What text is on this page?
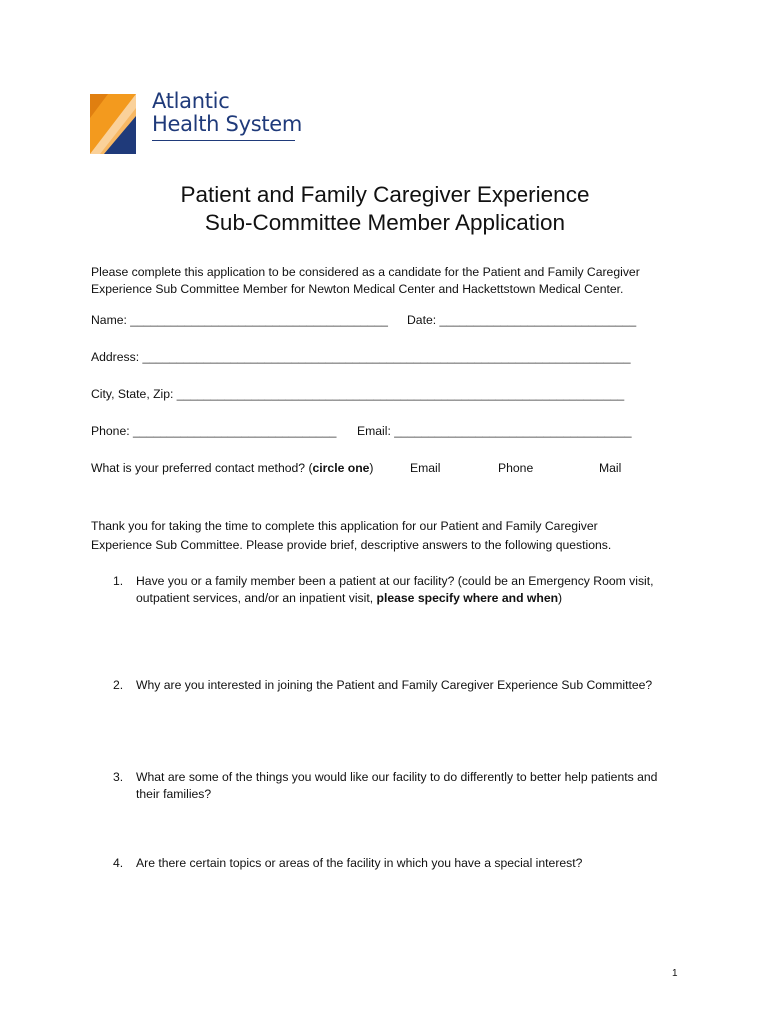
Atlantic
Health System
Patient and Family Caregiver Experience
Sub-Committee Member Application
Please complete this application to be considered as a candidate for the Patient and Family Caregiver
Experience Sub Committee Member for Newton Medical Center and Hackettstown Medical Center.
Name: ______________________________________ Date: _____________________________
Address: ________________________________________________________________________
City, State, Zip: __________________________________________________________________
Phone: ______________________________ Email: ___________________________________
What is your preferred contact method? (circle one)	Email	Phone	Mail
Thank you for taking the time to complete this application for our Patient and Family Caregiver
Experience Sub Committee. Please provide brief, descriptive answers to the following questions.
1. Have you or a family member been a patient at our facility? (could be an Emergency Room visit,
outpatient services, and/or an inpatient visit, please specify where and when)
2. Why are you interested in joining the Patient and Family Caregiver Experience Sub Committee?
3. What are some of the things you would like our facility to do differently to better help patients and
their families?
4. Are there certain topics or areas of the facility in which you have a special interest?
1
